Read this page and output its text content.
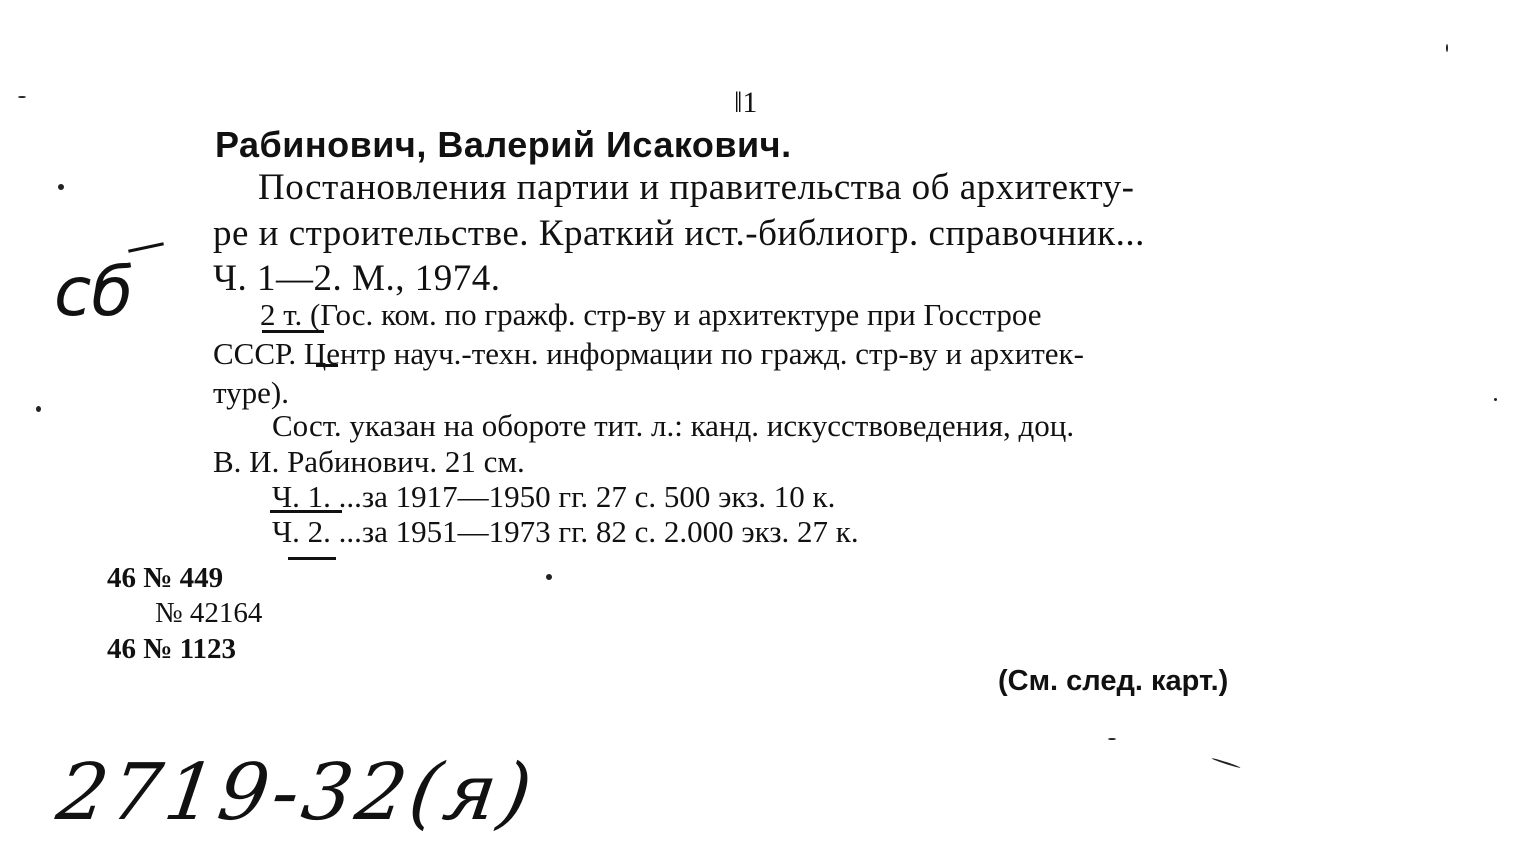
‖1
Рабинович, Валерий Исакович.
Постановления партии и правительства об архитекту-
ре и строительстве. Краткий ист.-библиогр. справочник...
Ч. 1—2. М., 1974.
2 т. (Гос. ком. по гражф. стр-ву и архитектуре при Госстрое
СССР. Центр науч.-техн. информации по гражд. стр-ву и архитек-
туре).
Сост. указан на обороте тит. л.: канд. искусствоведения, доц.
В. И. Рабинович. 21 см.
Ч. 1. ...за 1917—1950 гг. 27 с. 500 экз. 10 к.
Ч. 2. ...за 1951—1973 гг. 82 с. 2.000 экз. 27 к.
46 № 449
№ 42164
46 № 1123
(См. след. карт.)
сб
2719-32(я)
